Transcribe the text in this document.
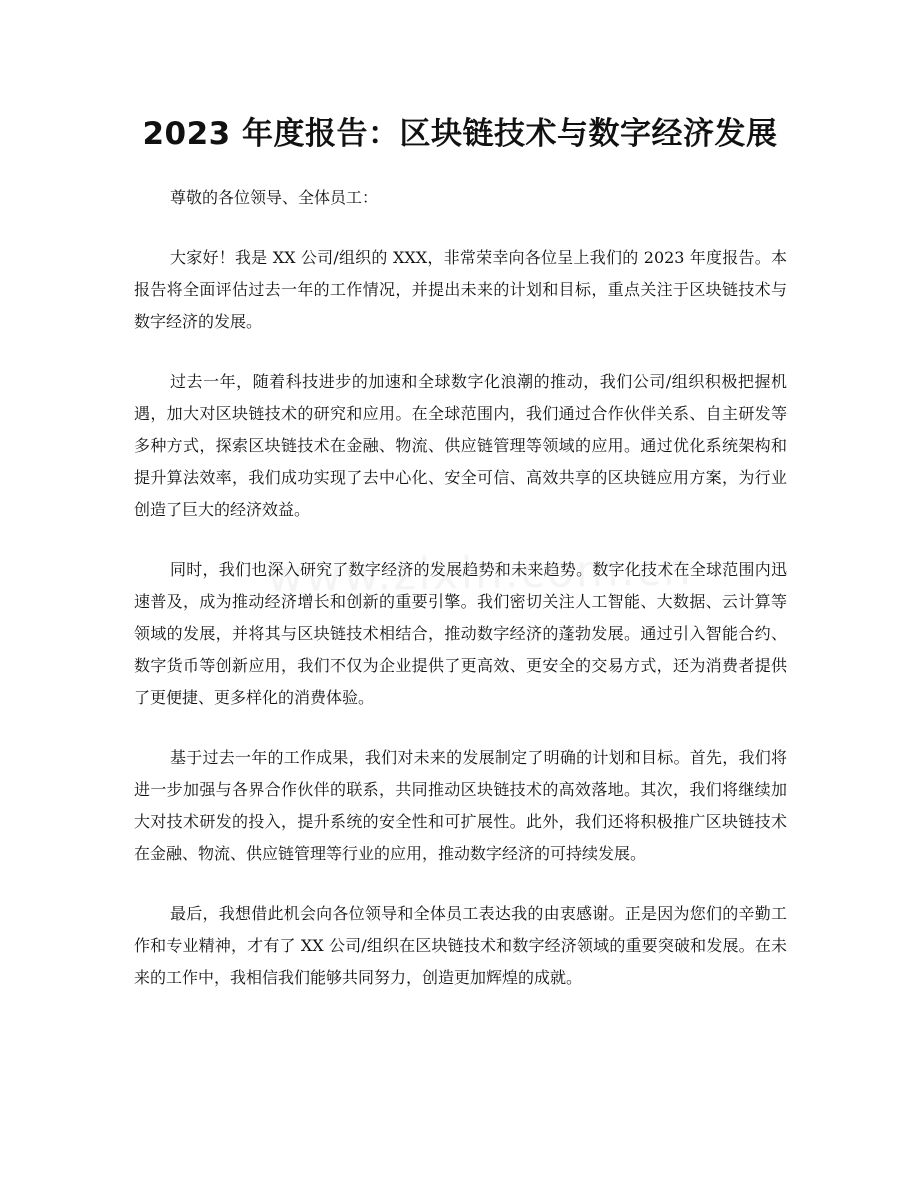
2023 年度报告：区块链技术与数字经济发展

尊敬的各位领导、全体员工：

大家好！我是 XX 公司/组织的 XXX，非常荣幸向各位呈上我们的 2023 年度报告。本报告将全面评估过去一年的工作情况，并提出未来的计划和目标，重点关注于区块链技术与数字经济的发展。

过去一年，随着科技进步的加速和全球数字化浪潮的推动，我们公司/组织积极把握机遇，加大对区块链技术的研究和应用。在全球范围内，我们通过合作伙伴关系、自主研发等多种方式，探索区块链技术在金融、物流、供应链管理等领域的应用。通过优化系统架构和提升算法效率，我们成功实现了去中心化、安全可信、高效共享的区块链应用方案，为行业创造了巨大的经济效益。

同时，我们也深入研究了数字经济的发展趋势和未来趋势。数字化技术在全球范围内迅速普及，成为推动经济增长和创新的重要引擎。我们密切关注人工智能、大数据、云计算等领域的发展，并将其与区块链技术相结合，推动数字经济的蓬勃发展。通过引入智能合约、数字货币等创新应用，我们不仅为企业提供了更高效、更安全的交易方式，还为消费者提供了更便捷、更多样化的消费体验。

基于过去一年的工作成果，我们对未来的发展制定了明确的计划和目标。首先，我们将进一步加强与各界合作伙伴的联系，共同推动区块链技术的高效落地。其次，我们将继续加大对技术研发的投入，提升系统的安全性和可扩展性。此外，我们还将积极推广区块链技术在金融、物流、供应链管理等行业的应用，推动数字经济的可持续发展。

最后，我想借此机会向各位领导和全体员工表达我的由衷感谢。正是因为您们的辛勤工作和专业精神，才有了 XX 公司/组织在区块链技术和数字经济领域的重要突破和发展。在未来的工作中，我相信我们能够共同努力，创造更加辉煌的成就。
